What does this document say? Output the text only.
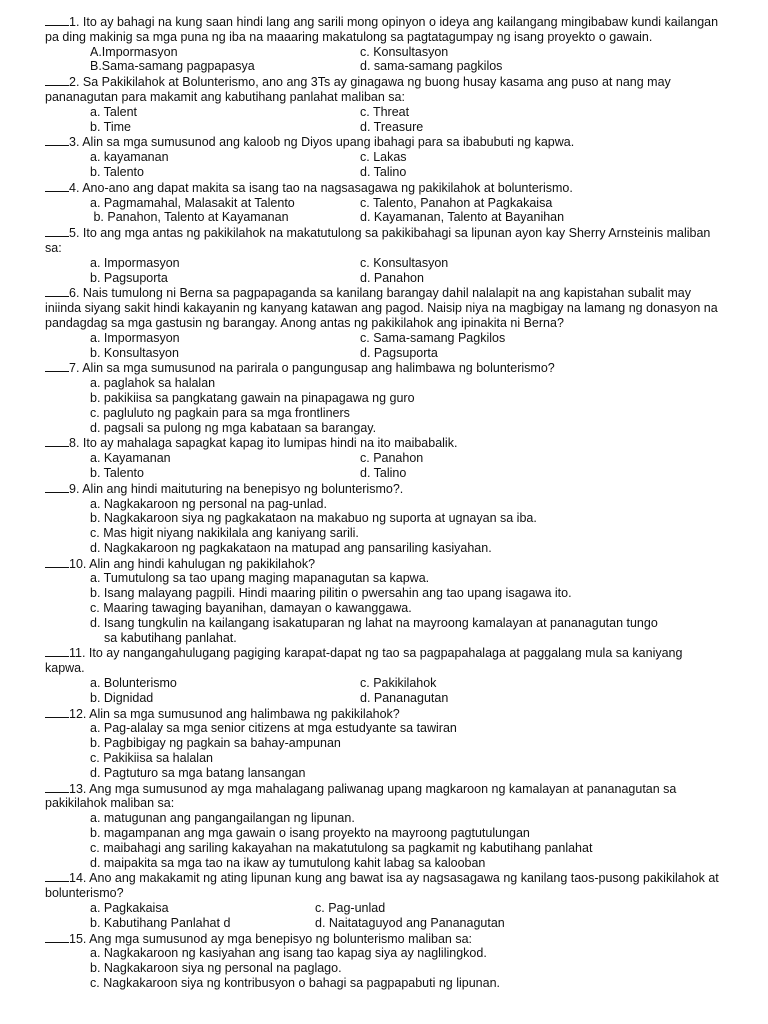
1. Ito ay bahagi na kung saan hindi lang ang sarili mong opinyon o ideya ang kailangang mingibabaw kundi kailangan pa ding makinig sa mga puna ng iba na maaaring makatulong sa pagtatagumpay ng isang proyekto o gawain.
A.Impormasyon	c. Konsultasyon
B.Sama-samang pagpapasya	d. sama-samang pagkilos
2. Sa Pakikilahok at Bolunterismo, ano ang 3Ts ay ginagawa ng buong husay kasama ang puso at nang may pananagutan para makamit ang kabutihang panlahat maliban sa:
a. Talent	c. Threat
b. Time	d. Treasure
3. Alin sa mga sumusunod ang kaloob ng Diyos upang ibahagi para sa ibabubuti ng kapwa.
a. kayamanan	c. Lakas
b. Talento	d. Talino
4. Ano-ano ang dapat makita sa isang tao na nagsasagawa ng pakikilahok at bolunterismo.
a. Pagmamahal, Malasakit at Talento	c. Talento, Panahon at Pagkakaisa
b. Panahon, Talento at Kayamanan	d. Kayamanan, Talento at Bayanihan
5. Ito ang mga antas ng pakikilahok na makatutulong sa pakikibahagi sa lipunan ayon kay Sherry Arnsteinis maliban sa:
a. Impormasyon	c. Konsultasyon
b. Pagsuporta	d. Panahon
6. Nais tumulong ni Berna sa pagpapaganda sa kanilang barangay dahil nalalapit na ang kapistahan subalit may iniinda siyang sakit hindi kakayanin ng kanyang katawan ang pagod. Naisip niya na magbigay na lamang ng donasyon na pandagdag sa mga gastusin ng barangay. Anong antas ng pakikilahok ang ipinakita ni Berna?
a. Impormasyon	c. Sama-samang Pagkilos
b. Konsultasyon	d. Pagsuporta
7. Alin sa mga sumusunod na parirala o pangungusap ang halimbawa ng bolunterismo?
a. paglahok sa halalan
b. pakikiisa sa pangkatang gawain na pinapagawa ng guro
c. pagluluto ng pagkain para sa mga frontliners
d. pagsali sa pulong ng mga kabataan sa barangay.
8. Ito ay mahalaga sapagkat kapag ito lumipas hindi na ito maibabalik.
a. Kayamanan	c. Panahon
b. Talento	d. Talino
9. Alin ang hindi maituturing na benepisyo ng bolunterismo?.
a. Nagkakaroon ng personal na pag-unlad.
b. Nagkakaroon siya ng pagkakataon na makabuo ng suporta at ugnayan sa iba.
c. Mas higit niyang nakikilala ang kaniyang sarili.
d. Nagkakaroon ng pagkakataon na matupad ang pansariling kasiyahan.
10. Alin ang hindi kahulugan ng pakikilahok?
a. Tumutulong sa tao upang maging mapanagutan sa kapwa.
b. Isang malayang pagpili. Hindi maaring pilitin o pwersahin ang tao upang isagawa ito.
c. Maaring tawaging bayanihan, damayan o kawanggawa.
d. Isang tungkulin na kailangang isakatuparan ng lahat na mayroong kamalayan at pananagutan tungo
sa kabutihang panlahat.
11. Ito ay nangangahulugang pagiging karapat-dapat ng tao sa pagpapahalaga at paggalang mula sa kaniyang kapwa.
a. Bolunterismo	c. Pakikilahok
b. Dignidad	d. Pananagutan
12. Alin sa mga sumusunod ang halimbawa ng pakikilahok?
a. Pag-alalay sa mga senior citizens at mga estudyante sa tawiran
b. Pagbibigay ng pagkain sa bahay-ampunan
c. Pakikiisa sa halalan
d. Pagtuturo sa mga batang lansangan
13. Ang mga sumusunod ay mga mahalagang paliwanag upang magkaroon ng kamalayan at pananagutan sa pakikilahok maliban sa:
a. matugunan ang pangangailangan ng lipunan.
b. magampanan ang mga gawain o isang proyekto na mayroong pagtutulungan
c. maibahagi ang sariling kakayahan na makatutulong sa pagkamit ng kabutihang panlahat
d. maipakita sa mga tao na ikaw ay tumutulong kahit labag sa kalooban
14. Ano ang makakamit ng ating lipunan kung ang bawat isa ay nagsasagawa ng kanilang taos-pusong pakikilahok at bolunterismo?
a. Pagkakaisa	c. Pag-unlad
b. Kabutihang Panlahat d	d. Naitataguyod ang Pananagutan
15. Ang mga sumusunod ay mga benepisyo ng bolunterismo maliban sa:
a. Nagkakaroon ng kasiyahan ang isang tao kapag siya ay naglilingkod.
b. Nagkakaroon siya ng personal na paglago.
c. Nagkakaroon siya ng kontribusyon o bahagi sa pagpapabuti ng lipunan.
